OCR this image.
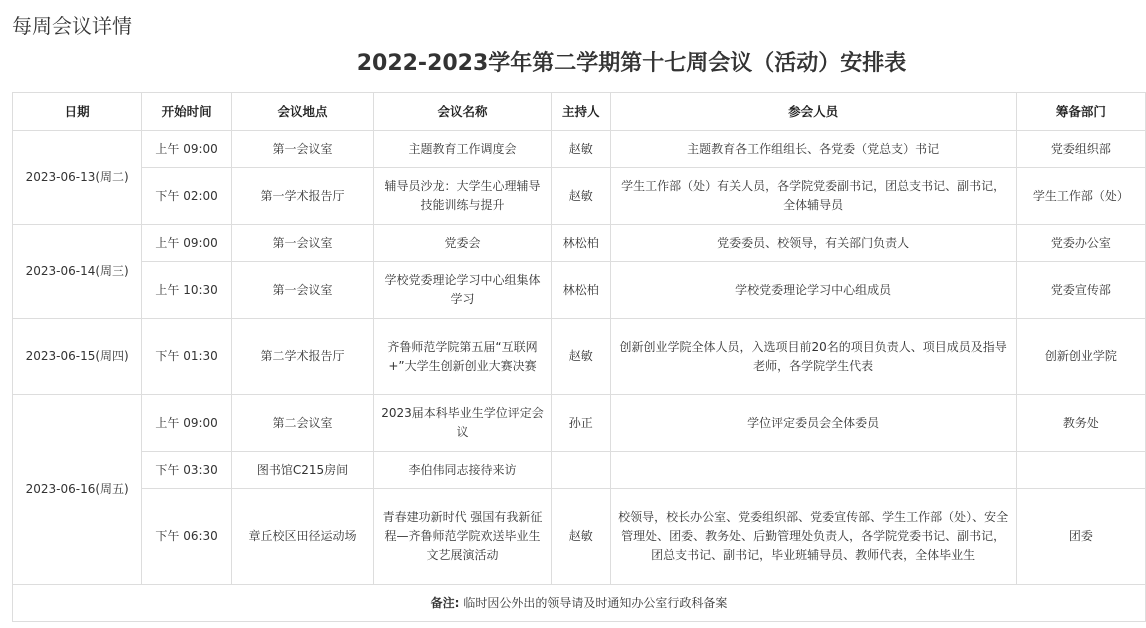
每周会议详情
2022-2023学年第二学期第十七周会议（活动）安排表
日期	开始时间	会议地点	会议名称	主持人	参会人员	筹备部门
2023-06-13(周二)	上午 09:00	第一会议室	主题教育工作调度会	赵敏	主题教育各工作组组长、各党委（党总支）书记	党委组织部
	下午 02:00	第一学术报告厅	辅导员沙龙：大学生心理辅导技能训练与提升	赵敏	学生工作部（处）有关人员，各学院党委副书记，团总支书记、副书记，全体辅导员	学生工作部（处）
2023-06-14(周三)	上午 09:00	第一会议室	党委会	林松柏	党委委员、校领导，有关部门负责人	党委办公室
	上午 10:30	第一会议室	学校党委理论学习中心组集体学习	林松柏	学校党委理论学习中心组成员	党委宣传部
2023-06-15(周四)	下午 01:30	第二学术报告厅	齐鲁师范学院第五届“互联网+”大学生创新创业大赛决赛	赵敏	创新创业学院全体人员，入选项目前20名的项目负责人、项目成员及指导老师，各学院学生代表	创新创业学院
2023-06-16(周五)	上午 09:00	第二会议室	2023届本科毕业生学位评定会议	孙正	学位评定委员会全体委员	教务处
	下午 03:30	图书馆C215房间	李伯伟同志接待来访			
	下午 06:30	章丘校区田径运动场	青春建功新时代 强国有我新征程—齐鲁师范学院欢送毕业生文艺展演活动	赵敏	校领导，校长办公室、党委组织部、党委宣传部、学生工作部（处）、安全管理处、团委、教务处、后勤管理处负责人，各学院党委书记、副书记，团总支书记、副书记，毕业班辅导员、教师代表，全体毕业生	团委
备注: 临时因公外出的领导请及时通知办公室行政科备案						
